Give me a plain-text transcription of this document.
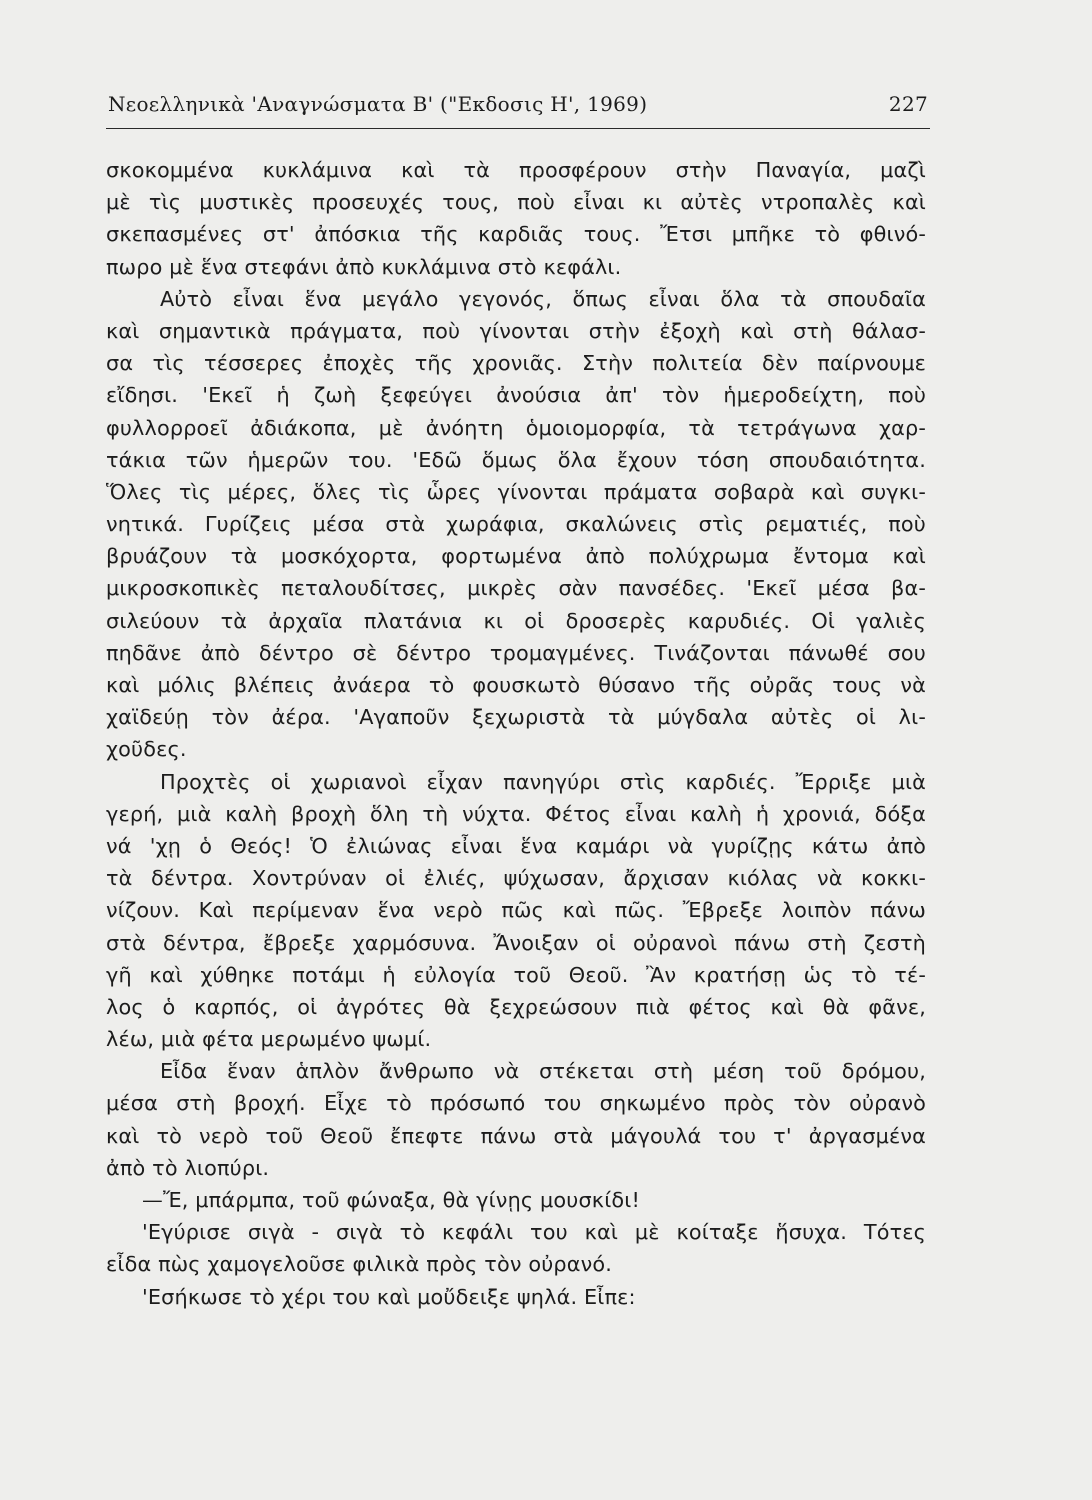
Νεοελληνικὰ 'Αναγνώσματα Β' ("Εκδοσις Η', 1969)	227
σκοκομμένα κυκλάμινα καὶ τὰ προσφέρουν στὴν Παναγία, μαζὶ
μὲ τὶς μυστικὲς προσευχές τους, ποὺ εἶναι κι αὐτὲς ντροπαλὲς καὶ
σκεπασμένες στ' ἀπόσκια τῆς καρδιᾶς τους. Ἔτσι μπῆκε τὸ φθινό-
πωρο μὲ ἕνα στεφάνι ἀπὸ κυκλάμινα στὸ κεφάλι.
Αὐτὸ εἶναι ἕνα μεγάλο γεγονός, ὅπως εἶναι ὅλα τὰ σπουδαῖα
καὶ σημαντικὰ πράγματα, ποὺ γίνονται στὴν ἐξοχὴ καὶ στὴ θάλασ-
σα τὶς τέσσερες ἐποχὲς τῆς χρονιᾶς. Στὴν πολιτεία δὲν παίρνουμε
εἴδησι. 'Εκεῖ ἡ ζωὴ ξεφεύγει ἀνούσια ἀπ' τὸν ἡμεροδείχτη, ποὺ
φυλλορροεῖ ἀδιάκοπα, μὲ ἀνόητη ὁμοιομορφία, τὰ τετράγωνα χαρ-
τάκια τῶν ἡμερῶν του. 'Εδῶ ὅμως ὅλα ἔχουν τόση σπουδαιότητα.
Ὅλες τὶς μέρες, ὅλες τὶς ὧρες γίνονται πράματα σοβαρὰ καὶ συγκι-
νητικά. Γυρίζεις μέσα στὰ χωράφια, σκαλώνεις στὶς ρεματιές, ποὺ
βρυάζουν τὰ μοσκόχορτα, φορτωμένα ἀπὸ πολύχρωμα ἔντομα καὶ
μικροσκοπικὲς πεταλουδίτσες, μικρὲς σὰν πανσέδες. 'Εκεῖ μέσα βα-
σιλεύουν τὰ ἀρχαῖα πλατάνια κι οἱ δροσερὲς καρυδιές. Οἱ γαλιὲς
πηδᾶνε ἀπὸ δέντρο σὲ δέντρο τρομαγμένες. Τινάζονται πάνωθέ σου
καὶ μόλις βλέπεις ἀνάερα τὸ φουσκωτὸ θύσανο τῆς οὐρᾶς τους νὰ
χαϊδεύῃ τὸν ἀέρα. 'Αγαποῦν ξεχωριστὰ τὰ μύγδαλα αὐτὲς οἱ λι-
χοῦδες.
Προχτὲς οἱ χωριανοὶ εἶχαν πανηγύρι στὶς καρδιές. Ἔρριξε μιὰ
γερή, μιὰ καλὴ βροχὴ ὅλη τὴ νύχτα. Φέτος εἶναι καλὴ ἡ χρονιά, δόξα
νά 'χῃ ὁ Θεός! Ὁ ἐλιώνας εἶναι ἕνα καμάρι νὰ γυρίζῃς κάτω ἀπὸ
τὰ δέντρα. Χοντρύναν οἱ ἐλιές, ψύχωσαν, ἄρχισαν κιόλας νὰ κοκκι-
νίζουν. Καὶ περίμεναν ἕνα νερὸ πῶς καὶ πῶς. Ἔβρεξε λοιπὸν πάνω
στὰ δέντρα, ἔβρεξε χαρμόσυνα. Ἄνοιξαν οἱ οὐρανοὶ πάνω στὴ ζεστὴ
γῆ καὶ χύθηκε ποτάμι ἡ εὐλογία τοῦ Θεοῦ. Ἂν κρατήσῃ ὡς τὸ τέ-
λος ὁ καρπός, οἱ ἀγρότες θὰ ξεχρεώσουν πιὰ φέτος καὶ θὰ φᾶνε,
λέω, μιὰ φέτα μερωμένο ψωμί.
Εἶδα ἕναν ἁπλὸν ἄνθρωπο νὰ στέκεται στὴ μέση τοῦ δρόμου,
μέσα στὴ βροχή. Εἶχε τὸ πρόσωπό του σηκωμένο πρὸς τὸν οὐρανὸ
καὶ τὸ νερὸ τοῦ Θεοῦ ἔπεφτε πάνω στὰ μάγουλά του τ' ἀργασμένα
ἀπὸ τὸ λιοπύρι.
—Ἔ, μπάρμπα, τοῦ φώναξα, θὰ γίνῃς μουσκίδι!
'Εγύρισε σιγὰ - σιγὰ τὸ κεφάλι του καὶ μὲ κοίταξε ἥσυχα. Τότες
εἶδα πὼς χαμογελοῦσε φιλικὰ πρὸς τὸν οὐρανό.
'Εσήκωσε τὸ χέρι του καὶ μοὔδειξε ψηλά. Εἶπε:
